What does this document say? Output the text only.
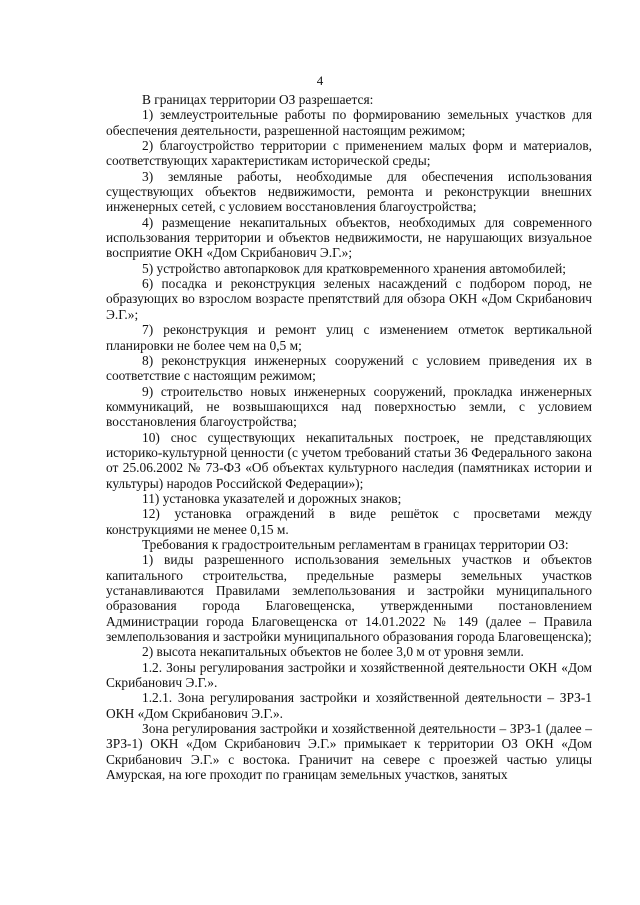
4

В границах территории ОЗ разрешается:

1) землеустроительные работы по формированию земельных участков для обеспечения деятельности, разрешенной настоящим режимом;

2) благоустройство территории с применением малых форм и материалов, соответствующих характеристикам исторической среды;

3) земляные работы, необходимые для обеспечения использования существующих объектов недвижимости, ремонта и реконструкции внешних инженерных сетей, с условием восстановления благоустройства;

4) размещение некапитальных объектов, необходимых для современного использования территории и объектов недвижимости, не нарушающих визуальное восприятие ОКН «Дом Скрибанович Э.Г.»;

5) устройство автопарковок для кратковременного хранения автомобилей;

6) посадка и реконструкция зеленых насаждений с подбором пород, не образующих во взрослом возрасте препятствий для обзора ОКН «Дом Скрибанович Э.Г.»;

7) реконструкция и ремонт улиц с изменением отметок вертикальной планировки не более чем на 0,5 м;

8) реконструкция инженерных сооружений с условием приведения их в соответствие с настоящим режимом;

9) строительство новых инженерных сооружений, прокладка инженерных коммуникаций, не возвышающихся над поверхностью земли, с условием восстановления благоустройства;

10) снос существующих некапитальных построек, не представляющих историко-культурной ценности (с учетом требований статьи 36 Федерального закона от 25.06.2002 № 73-ФЗ «Об объектах культурного наследия (памятниках истории и культуры) народов Российской Федерации»);

11) установка указателей и дорожных знаков;

12) установка ограждений в виде решёток с просветами между конструкциями не менее 0,15 м.

Требования к градостроительным регламентам в границах территории ОЗ:

1) виды разрешенного использования земельных участков и объектов капитального строительства, предельные размеры земельных участков устанавливаются Правилами землепользования и застройки муниципального образования города Благовещенска, утвержденными постановлением Администрации города Благовещенска от 14.01.2022 № 149 (далее – Правила землепользования и застройки муниципального образования города Благовещенска);

2) высота некапитальных объектов не более 3,0 м от уровня земли.

1.2. Зоны регулирования застройки и хозяйственной деятельности ОКН «Дом Скрибанович Э.Г.».

1.2.1. Зона регулирования застройки и хозяйственной деятельности – ЗРЗ-1 ОКН «Дом Скрибанович Э.Г.».

Зона регулирования застройки и хозяйственной деятельности – ЗРЗ-1 (далее – ЗРЗ-1) ОКН «Дом Скрибанович Э.Г.» примыкает к территории ОЗ ОКН «Дом Скрибанович Э.Г.» с востока. Граничит на севере с проезжей частью улицы Амурская, на юге проходит по границам земельных участков, занятых
